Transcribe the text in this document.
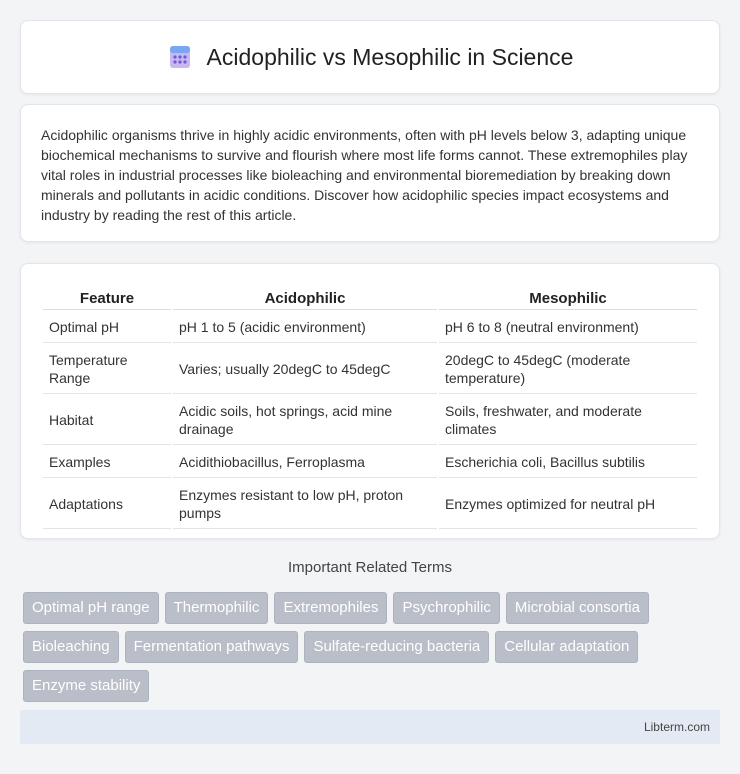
Acidophilic vs Mesophilic in Science
Acidophilic organisms thrive in highly acidic environments, often with pH levels below 3, adapting unique biochemical mechanisms to survive and flourish where most life forms cannot. These extremophiles play vital roles in industrial processes like bioleaching and environmental bioremediation by breaking down minerals and pollutants in acidic conditions. Discover how acidophilic species impact ecosystems and industry by reading the rest of this article.
Feature	Acidophilic	Mesophilic
Optimal pH	pH 1 to 5 (acidic environment)	pH 6 to 8 (neutral environment)
Temperature Range	Varies; usually 20degC to 45degC	20degC to 45degC (moderate temperature)
Habitat	Acidic soils, hot springs, acid mine drainage	Soils, freshwater, and moderate climates
Examples	Acidithiobacillus, Ferroplasma	Escherichia coli, Bacillus subtilis
Adaptations	Enzymes resistant to low pH, proton pumps	Enzymes optimized for neutral pH
Important Related Terms
Optimal pH range	Thermophilic	Extremophiles	Psychrophilic	Microbial consortia
Bioleaching	Fermentation pathways	Sulfate-reducing bacteria	Cellular adaptation
Enzyme stability
Libterm.com
